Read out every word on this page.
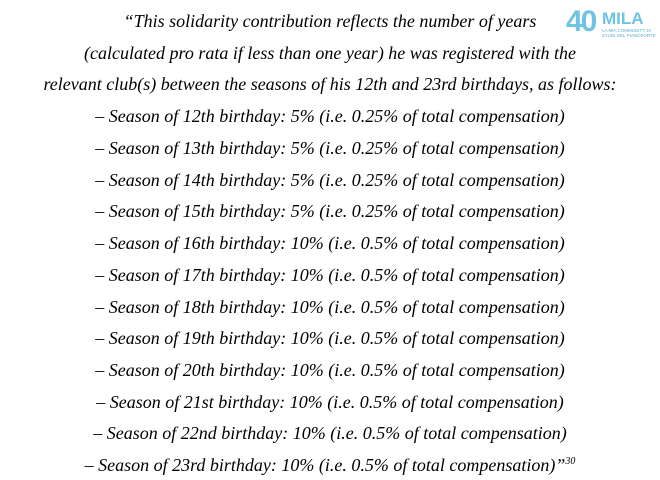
“This solidarity contribution reflects the number of years
(calculated pro rata if less than one year) he was registered with the
relevant club(s) between the seasons of his 12th and 23rd birthdays, as follows:
– Season of 12th birthday: 5% (i.e. 0.25% of total compensation)
– Season of 13th birthday: 5% (i.e. 0.25% of total compensation)
– Season of 14th birthday: 5% (i.e. 0.25% of total compensation)
– Season of 15th birthday: 5% (i.e. 0.25% of total compensation)
– Season of 16th birthday: 10% (i.e. 0.5% of total compensation)
– Season of 17th birthday: 10% (i.e. 0.5% of total compensation)
– Season of 18th birthday: 10% (i.e. 0.5% of total compensation)
– Season of 19th birthday: 10% (i.e. 0.5% of total compensation)
– Season of 20th birthday: 10% (i.e. 0.5% of total compensation)
– Season of 21st birthday: 10% (i.e. 0.5% of total compensation)
– Season of 22nd birthday: 10% (i.e. 0.5% of total compensation)
– Season of 23rd birthday: 10% (i.e. 0.5% of total compensation)”$^{30}$
40 MILA
LA MIA COMMUNITY DI STUDI DEL PIANOFORTE
